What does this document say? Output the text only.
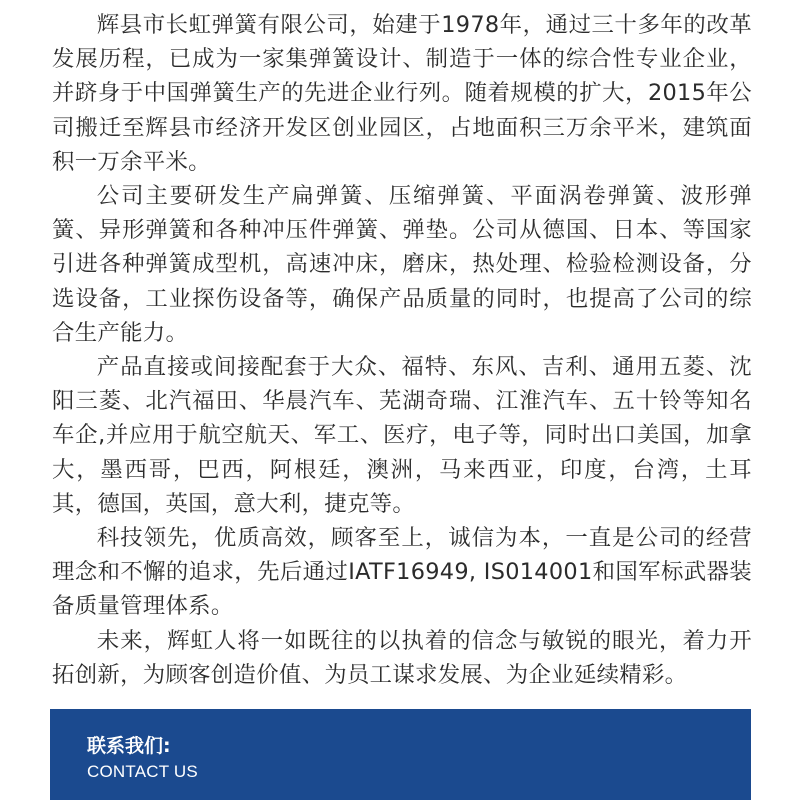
辉县市长虹弹簧有限公司，始建于1978年，通过三十多年的改革发展历程，已成为一家集弹簧设计、制造于一体的综合性专业企业，并跻身于中国弹簧生产的先进企业行列。随着规模的扩大，2015年公司搬迁至辉县市经济开发区创业园区，占地面积三万余平米，建筑面积一万余平米。

公司主要研发生产扁弹簧、压缩弹簧、平面涡卷弹簧、波形弹簧、异形弹簧和各种冲压件弹簧、弹垫。公司从德国、日本、等国家引进各种弹簧成型机，高速冲床，磨床，热处理、检验检测设备，分选设备，工业探伤设备等，确保产品质量的同时，也提高了公司的综合生产能力。

产品直接或间接配套于大众、福特、东风、吉利、通用五菱、沈阳三菱、北汽福田、华晨汽车、芜湖奇瑞、江淮汽车、五十铃等知名车企,并应用于航空航天、军工、医疗，电子等，同时出口美国，加拿大，墨西哥，巴西，阿根廷，澳洲，马来西亚，印度，台湾，土耳其，德国，英国，意大利，捷克等。

科技领先，优质高效，顾客至上，诚信为本，一直是公司的经营理念和不懈的追求，先后通过IATF16949, IS014001和国军标武器装备质量管理体系。

未来，辉虹人将一如既往的以执着的信念与敏锐的眼光，着力开拓创新，为顾客创造价值、为员工谋求发展、为企业延续精彩。

联系我们:
CONTACT US
